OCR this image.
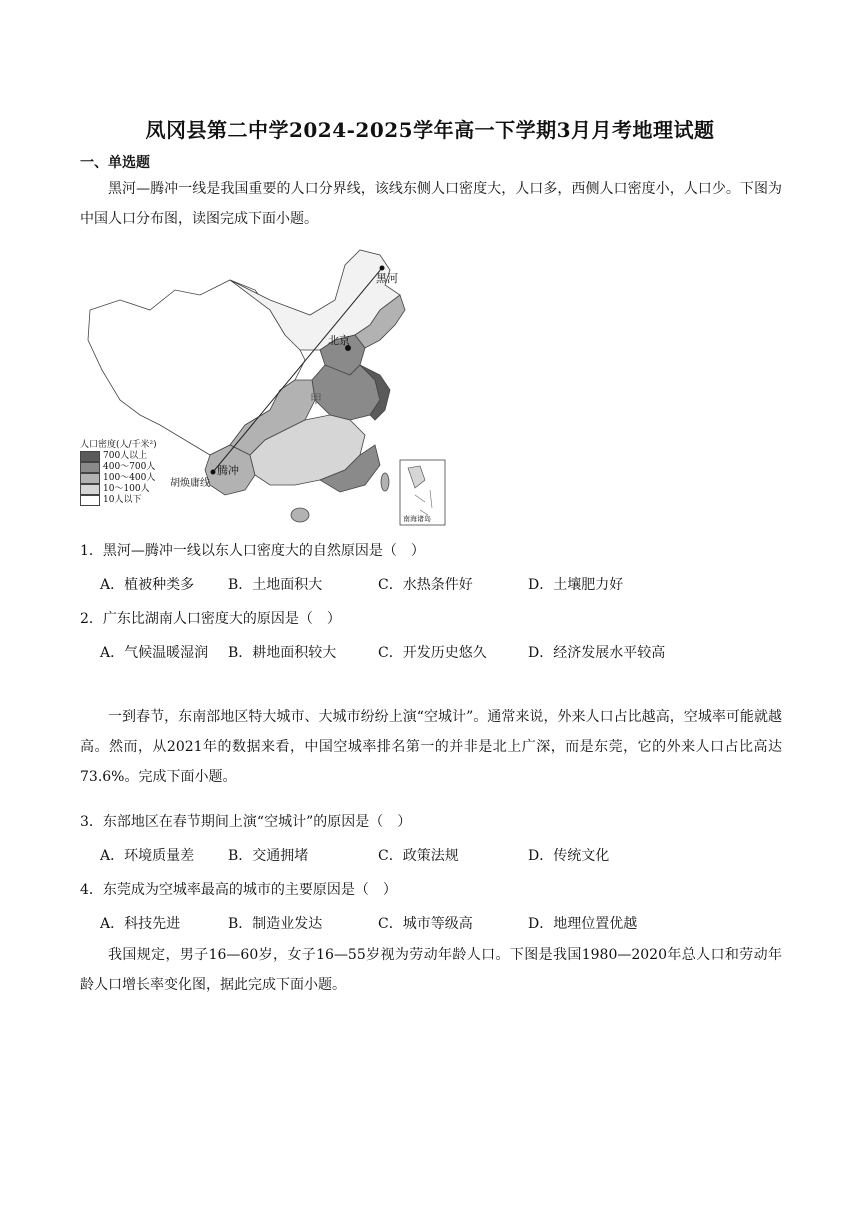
凤冈县第二中学2024-2025学年高一下学期3月月考地理试题
一、单选题
黑河—腾冲一线是我国重要的人口分界线，该线东侧人口密度大，人口多，西侧人口密度小，人口少。下图为中国人口分布图，读图完成下面小题。
黑河
北京
甲
腾冲
胡焕庸线
南海诸岛
人口密度(人/千米²)
700人以上
400～700人
100～400人
10～100人
10人以下
1．黑河—腾冲一线以东人口密度大的自然原因是（　）
A．植被种类多 B．土地面积大	C．水热条件好	D．土壤肥力好
2．广东比湖南人口密度大的原因是（　）
A．气候温暖湿润 B．耕地面积较大	C．开发历史悠久	D．经济发展水平较高
一到春节，东南部地区特大城市、大城市纷纷上演“空城计”。通常来说，外来人口占比越高，空城率可能就越高。然而，从2021年的数据来看，中国空城率排名第一的并非是北上广深，而是东莞，它的外来人口占比高达73.6%。完成下面小题。
3．东部地区在春节期间上演“空城计”的原因是（　）
A．环境质量差 B．交通拥堵	C．政策法规	D．传统文化
4．东莞成为空城率最高的城市的主要原因是（　）
A．科技先进	B．制造业发达	C．城市等级高	D．地理位置优越
我国规定，男子16—60岁，女子16—55岁视为劳动年龄人口。下图是我国1980—2020年总人口和劳动年龄人口增长率变化图，据此完成下面小题。
